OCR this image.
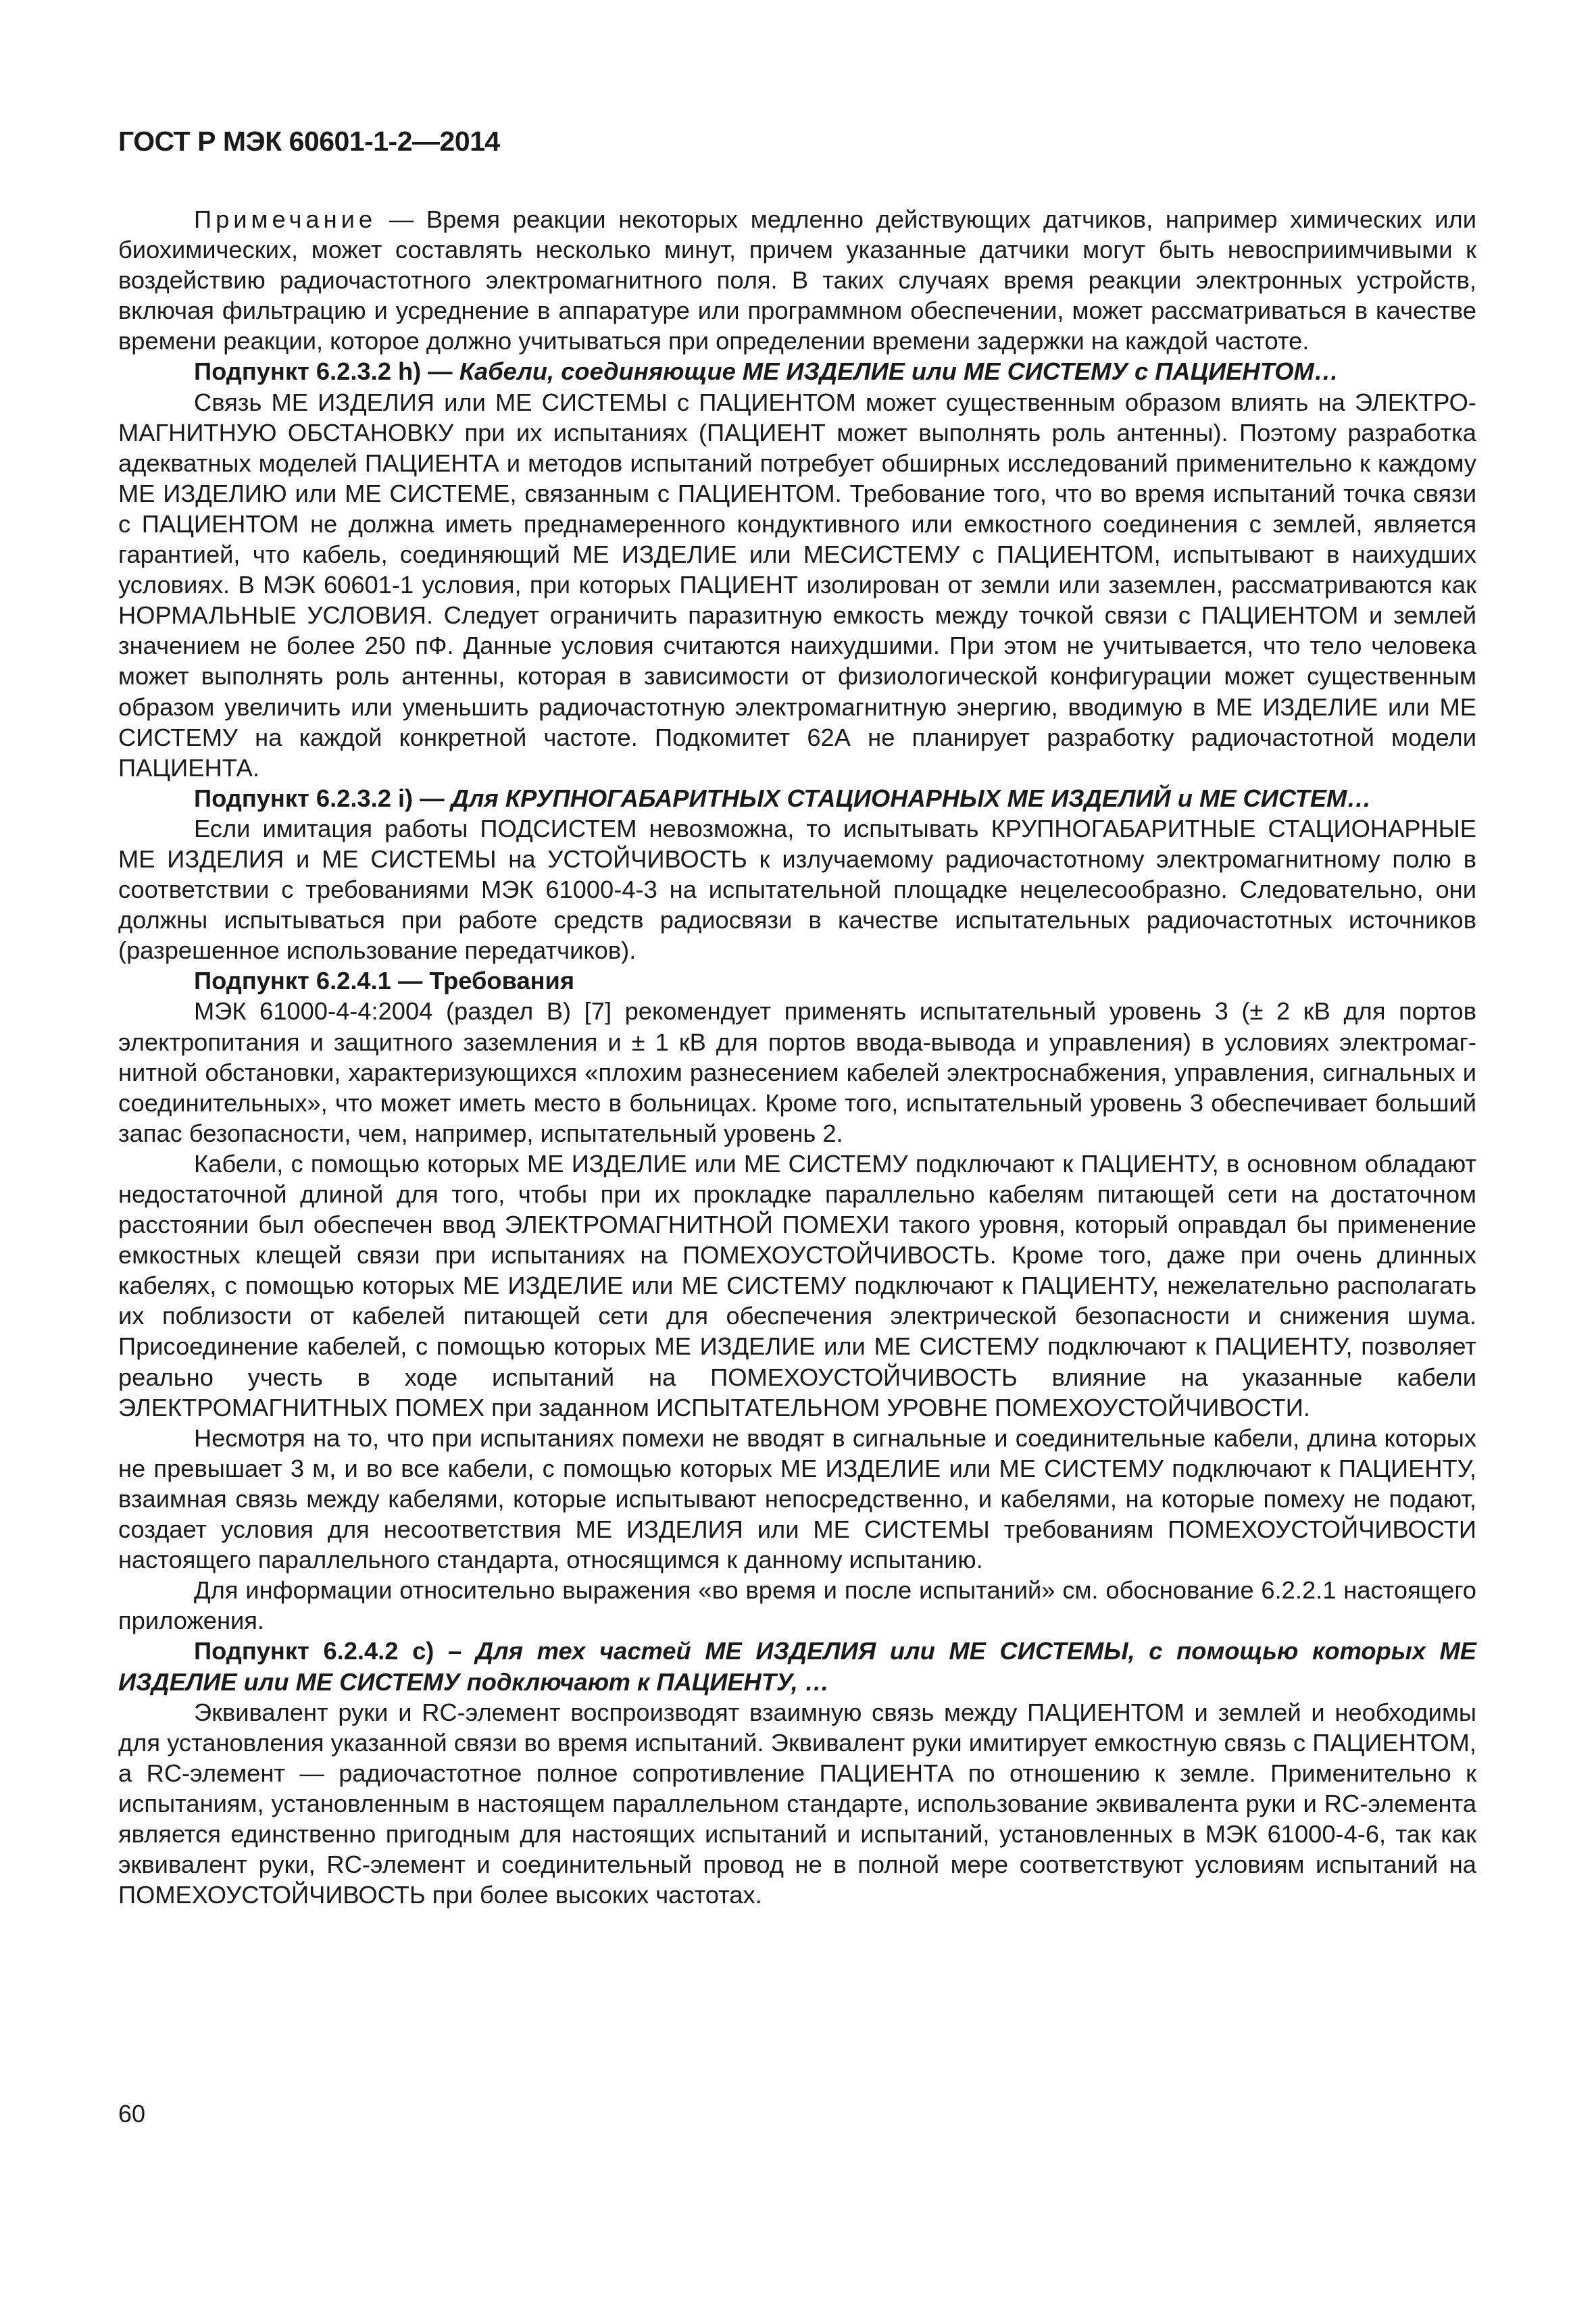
ГОСТ Р МЭК 60601-1-2—2014

Примечание — Время реакции некоторых медленно действующих датчиков, например химических или биохимических, может составлять несколько минут, причем указанные датчики могут быть невосприимчивыми к воздействию радиочастотного электромагнитного поля. В таких случаях время реакции электронных устройств, включая фильтрацию и усреднение в аппаратуре или программном обеспечении, может рассматриваться в качестве времени реакции, которое должно учитываться при определении времени задержки на каждой частоте.

Подпункт 6.2.3.2 h) — Кабели, соединяющие МЕ ИЗДЕЛИЕ или МЕ СИСТЕМУ с ПАЦИЕНТОМ…

Связь МЕ ИЗДЕЛИЯ или МЕ СИСТЕМЫ с ПАЦИЕНТОМ может существенным образом влиять на ЭЛЕКТРОМАГНИТНУЮ ОБСТАНОВКУ при их испытаниях (ПАЦИЕНТ может выполнять роль антенны). Поэтому разработка адекватных моделей ПАЦИЕНТА и методов испытаний потребует обширных исследований применительно к каждому МЕ ИЗДЕЛИЮ или МЕ СИСТЕМЕ, связанным с ПАЦИЕНТОМ. Требование того, что во время испытаний точка связи с ПАЦИЕНТОМ не должна иметь преднамеренного кондуктивного или емкостного соединения с землей, является гарантией, что кабель, соединяющий МЕ ИЗДЕЛИЕ или МЕСИСТЕМУ с ПАЦИЕНТОМ, испытывают в наихудших условиях. В МЭК 60601-1 условия, при которых ПАЦИЕНТ изолирован от земли или заземлен, рассматриваются как НОРМАЛЬНЫЕ УСЛОВИЯ. Следует ограничить паразитную емкость между точкой связи с ПАЦИЕНТОМ и землей значением не более 250 пФ. Данные условия считаются наихудшими. При этом не учитывается, что тело человека может выполнять роль антенны, которая в зависимости от физиологической конфигурации может существенным образом увеличить или уменьшить радиочастотную электромагнитную энергию, вводимую в МЕ ИЗДЕЛИЕ или МЕ СИСТЕМУ на каждой конкретной частоте. Подкомитет 62А не планирует разработку радиочастотной модели ПАЦИЕНТА.

Подпункт 6.2.3.2 i) — Для КРУПНОГАБАРИТНЫХ СТАЦИОНАРНЫХ МЕ ИЗДЕЛИЙ и МЕ СИСТЕМ…

Если имитация работы ПОДСИСТЕМ невозможна, то испытывать КРУПНОГАБАРИТНЫЕ СТАЦИОНАРНЫЕ МЕ ИЗДЕЛИЯ и МЕ СИСТЕМЫ на УСТОЙЧИВОСТЬ к излучаемому радиочастотному электромагнитному полю в соответствии с требованиями МЭК 61000-4-3 на испытательной площадке нецелесообразно. Следовательно, они должны испытываться при работе средств радиосвязи в качестве испытательных радиочастотных источников (разрешенное использование передатчиков).

Подпункт 6.2.4.1 — Требования

МЭК 61000-4-4:2004 (раздел В) [7] рекомендует применять испытательный уровень 3 (± 2 кВ для портов электропитания и защитного заземления и ± 1 кВ для портов ввода-вывода и управления) в условиях электромагнитной обстановки, характеризующихся «плохим разнесением кабелей электроснабжения, управления, сигнальных и соединительных», что может иметь место в больницах. Кроме того, испытательный уровень 3 обеспечивает больший запас безопасности, чем, например, испытательный уровень 2.

Кабели, с помощью которых МЕ ИЗДЕЛИЕ или МЕ СИСТЕМУ подключают к ПАЦИЕНТУ, в основном обладают недостаточной длиной для того, чтобы при их прокладке параллельно кабелям питающей сети на достаточном расстоянии был обеспечен ввод ЭЛЕКТРОМАГНИТНОЙ ПОМЕХИ такого уровня, который оправдал бы применение емкостных клещей связи при испытаниях на ПОМЕХОУСТОЙЧИВОСТЬ. Кроме того, даже при очень длинных кабелях, с помощью которых МЕ ИЗДЕЛИЕ или МЕ СИСТЕМУ подключают к ПАЦИЕНТУ, нежелательно располагать их поблизости от кабелей питающей сети для обеспечения электрической безопасности и снижения шума. Присоединение кабелей, с помощью которых МЕ ИЗДЕЛИЕ или МЕ СИСТЕМУ подключают к ПАЦИЕНТУ, позволяет реально учесть в ходе испытаний на ПОМЕХОУСТОЙЧИВОСТЬ влияние на указанные кабели ЭЛЕКТРОМАГНИТНЫХ ПОМЕХ при заданном ИСПЫТАТЕЛЬНОМ УРОВНЕ ПОМЕХОУСТОЙЧИВОСТИ.

Несмотря на то, что при испытаниях помехи не вводят в сигнальные и соединительные кабели, длина которых не превышает 3 м, и во все кабели, с помощью которых МЕ ИЗДЕЛИЕ или МЕ СИСТЕМУ подключают к ПАЦИЕНТУ, взаимная связь между кабелями, которые испытывают непосредственно, и кабелями, на которые помеху не подают, создает условия для несоответствия МЕ ИЗДЕЛИЯ или МЕ СИСТЕМЫ требованиям ПОМЕХОУСТОЙЧИВОСТИ настоящего параллельного стандарта, относящимся к данному испытанию.

Для информации относительно выражения «во время и после испытаний» см. обоснование 6.2.2.1 настоящего приложения.

Подпункт 6.2.4.2 c) – Для тех частей МЕ ИЗДЕЛИЯ или МЕ СИСТЕМЫ, с помощью которых МЕ ИЗДЕЛИЕ или МЕ СИСТЕМУ подключают к ПАЦИЕНТУ, …

Эквивалент руки и RC-элемент воспроизводят взаимную связь между ПАЦИЕНТОМ и землей и необходимы для установления указанной связи во время испытаний. Эквивалент руки имитирует емкостную связь с ПАЦИЕНТОМ, а RC-элемент — радиочастотное полное сопротивление ПАЦИЕНТА по отношению к земле. Применительно к испытаниям, установленным в настоящем параллельном стандарте, использование эквивалента руки и RC-элемента является единственно пригодным для настоящих испытаний и испытаний, установленных в МЭК 61000-4-6, так как эквивалент руки, RC-элемент и соединительный провод не в полной мере соответствуют условиям испытаний на ПОМЕХОУСТОЙЧИВОСТЬ при более высоких частотах.

60
